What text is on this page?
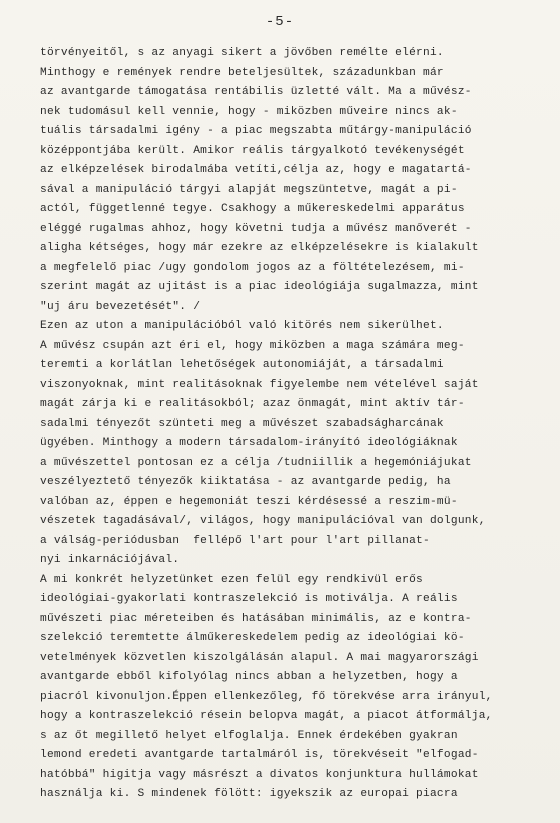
-5-
törvényeitől, s az anyagi sikert a jövőben remélte elérni.
Minthogy e remények rendre beteljesültek, századunkban már
az avantgarde támogatása rentábilis üzletté vált. Ma a művész-
nek tudomásul kell vennie, hogy - miközben műveire nincs ak-
tuális társadalmi igény - a piac megszabta műtárgy-manipuláció
középpontjába került. Amikor reális tárgyalkotó tevékenységét
az elképzelések birodalmába vetíti,célja az, hogy e magatartá-
sával a manipuláció tárgyi alapját megszüntetve, magát a pi-
actól, függetlenné tegye. Csakhogy a műkereskedelmi apparátus
eléggé rugalmas ahhoz, hogy követni tudja a művész manőverét -
aligha kétséges, hogy már ezekre az elképzelésekre is kialakult
a megfelelő piac /ugy gondolom jogos az a föltételezésem, mi-
szerint magát az ujitást is a piac ideológiája sugalmazza, mint
"uj áru bevezetését". /
Ezen az uton a manipulációból való kitörés nem sikerülhet.
A művész csupán azt éri el, hogy miközben a maga számára meg-
teremti a korlátlan lehetőségek autonomiáját, a társadalmi
viszonyoknak, mint realitásoknak figyelembe nem vételével saját
magát zárja ki e realitásokból; azaz önmagát, mint aktív tár-
sadalmi tényezőt szünteti meg a művészet szabadságharcának
ügyében. Minthogy a modern társadalom-irányító ideológiáknak
a művészettel pontosan ez a célja /tudniillik a hegemóniájukat
veszélyeztető tényezők kiiktatása - az avantgarde pedig, ha
valóban az, éppen e hegemoniát teszi kérdésessé a reszim-mü-
vészetek tagadásával/, világos, hogy manipulációval van dolgunk,
a válság-periódusban  fellépő l'art pour l'art pillanat-
nyi inkarnációjával.
A mi konkrét helyzetünket ezen felül egy rendkivül erős
ideológiai-gyakorlati kontraszelekció is motiválja. A reális
művészeti piac méreteiben és hatásában minimális, az e kontra-
szelekció teremtette álműkereskedelem pedig az ideológiai kö-
vetelmények közvetlen kiszolgálásán alapul. A mai magyarországi
avantgarde ebből kifolyólag nincs abban a helyzetben, hogy a
piacról kivonuljon.Éppen ellenkezőleg, fő törekvése arra irányul,
hogy a kontraszelekció résein belopva magát, a piacot átformálja,
s az őt megillető helyet elfoglalja. Ennek érdekében gyakran
lemond eredeti avantgarde tartalmáról is, törekvéseit "elfogad-
hatóbbá" higitja vagy másrészt a divatos konjunktura hullámokat
használja ki. S mindenek fölött: igyekszik az europai piacra
